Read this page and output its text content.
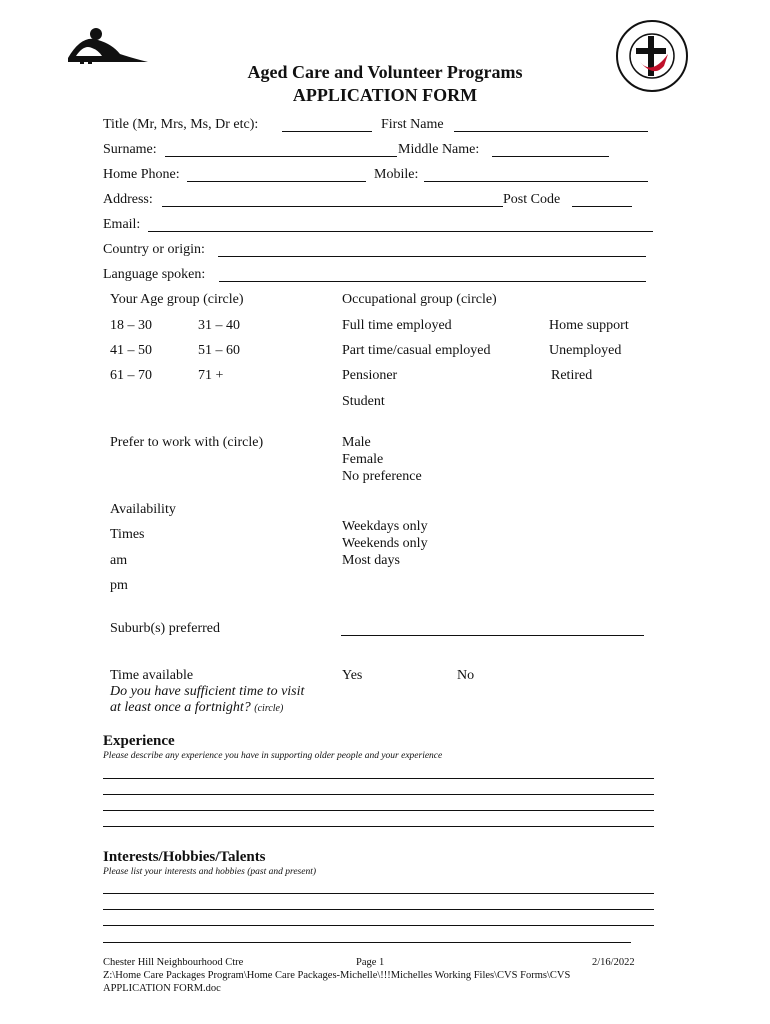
Aged Care and Volunteer Programs
APPLICATION FORM
Title (Mr, Mrs, Ms, Dr etc):	First Name
Surname:	Middle Name:
Home Phone:	Mobile:
Address:	Post Code
Email:
Country or origin:
Language spoken:
Your Age group (circle)
18 – 30	31 – 40
41 – 50	51 – 60
61 – 70	71 +
Occupational group (circle)
Full time employed	Home support
Part time/casual employed	Unemployed
Pensioner	Retired
Student
Prefer to work with (circle)	Male
Female
No preference
Availability
Times
am
pm
Weekdays only
Weekends only
Most days
Suburb(s) preferred
Time available
Do you have sufficient time to visit
at least once a fortnight? (circle)
Yes	No
Experience
Please describe any experience you have in supporting older people and your experience
Interests/Hobbies/Talents
Please list your interests and hobbies (past and present)
Chester Hill Neighbourhood Ctre	Page 1	2/16/2022
Z:\Home Care Packages Program\Home Care Packages-Michelle\!!!Michelles Working Files\CVS Forms\CVS
APPLICATION FORM.doc
